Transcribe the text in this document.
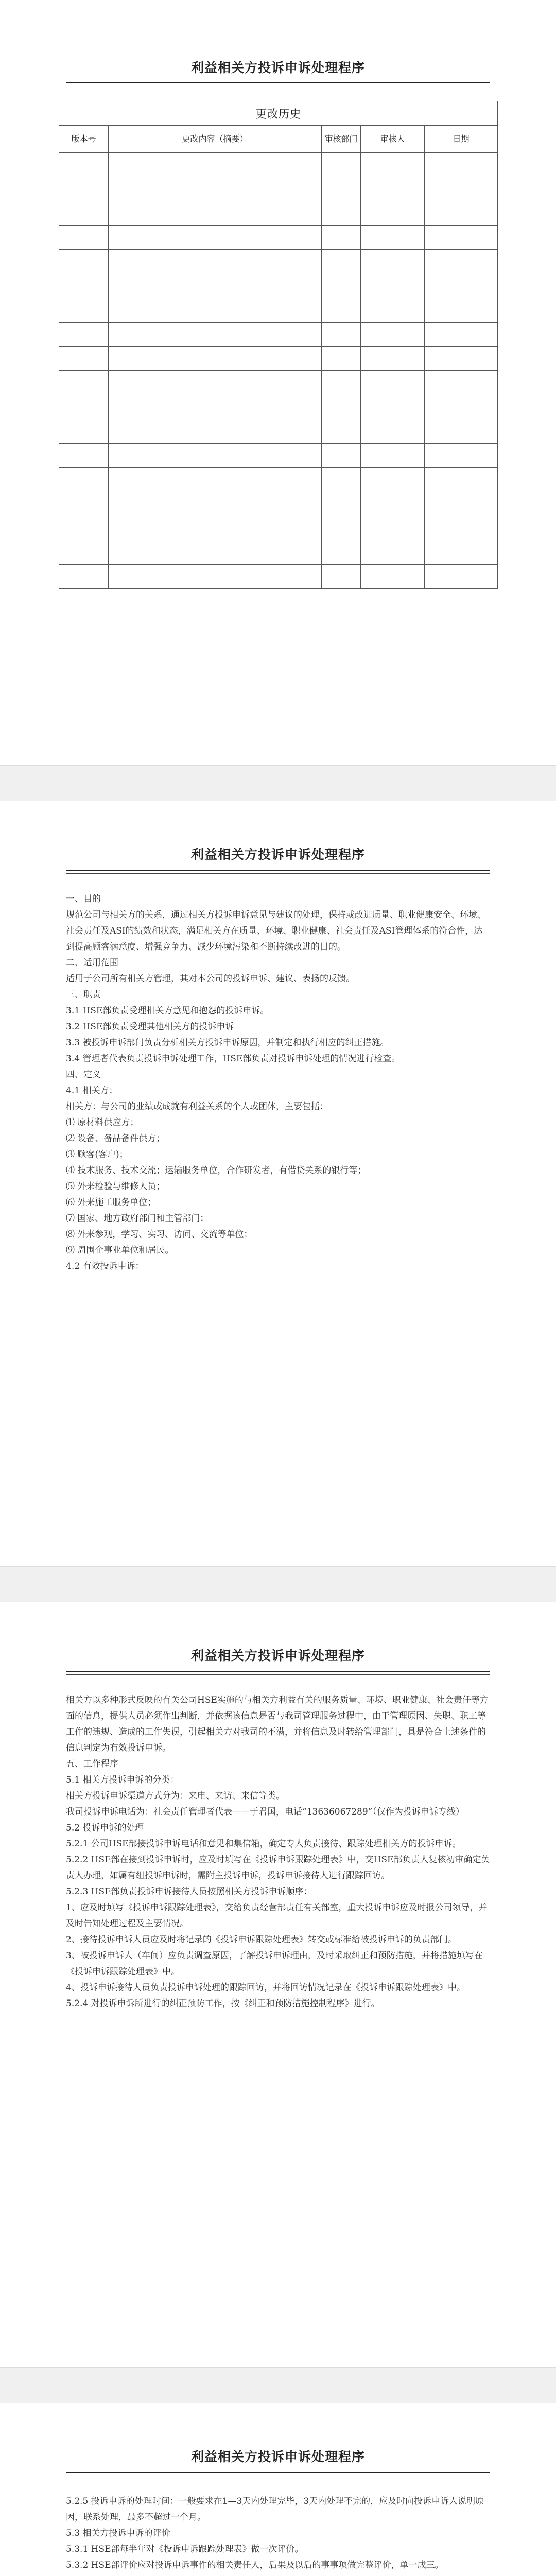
利益相关方投诉申诉处理程序
更改历史				
版本号	更改内容（摘要）	审核部门	审核人	日期

利益相关方投诉申诉处理程序

一、目的

规范公司与相关方的关系，通过相关方投诉申诉意见与建议的处理，保持或改进质量、职业健康安全、环境、社会责任及ASI的绩效和状态，满足相关方在质量、环境、职业健康、社会责任及ASI管理体系的符合性，达到提高顾客满意度、增强竞争力、减少环境污染和不断持续改进的目的。

二、适用范围

适用于公司所有相关方管理，其对本公司的投诉申诉、建议、表扬的反馈。

三、职责

3.1 HSE部负责受理相关方意见和抱怨的投诉申诉。

3.2 HSE部负责受理其他相关方的投诉申诉

3.3 被投诉申诉部门负责分析相关方投诉申诉原因，并制定和执行相应的纠正措施。

3.4 管理者代表负责投诉申诉处理工作，HSE部负责对投诉申诉处理的情况进行检查。

四、定义

4.1 相关方：

相关方：与公司的业绩或成就有利益关系的个人或团体，主要包括：

⑴ 原材料供应方；

⑵ 设备、备品备件供方；

⑶ 顾客(客户)；

⑷ 技术服务、技术交流；运输服务单位，合作研发者，有借贷关系的银行等；

⑸ 外来检验与维修人员；

⑹ 外来施工服务单位；

⑺ 国家、地方政府部门和主管部门；

⑻ 外来参观，学习、实习、访问、交流等单位；

⑼ 周围企事业单位和居民。

4.2 有效投诉申诉：

利益相关方投诉申诉处理程序

相关方以多种形式反映的有关公司HSE实施的与相关方利益有关的服务质量、环境、职业健康、社会责任等方面的信息，提供人员必须作出判断，并依据该信息是否与我司管理服务过程中，由于管理原因、失职、职工等工作的违规、造成的工作失误，引起相关方对我司的不满，并将信息及时转给管理部门，具是符合上述条件的信息判定为有效投诉申诉。

五、工作程序

5.1 相关方投诉申诉的分类：

相关方投诉申诉渠道方式分为：来电、来访、来信等类。

我司投诉申诉电话为：社会责任管理者代表——于君国，电话“13636067289”（仅作为投诉申诉专线）

5.2 投诉申诉的处理

5.2.1 公司HSE部接投诉申诉电话和意见和集信箱，确定专人负责接待、跟踪处理相关方的投诉申诉。

5.2.2 HSE部在接到投诉申诉时，应及时填写在《投诉申诉跟踪处理表》中，交HSE部负责人复核初审确定负责人办理，如属有组投诉申诉时，需附主投诉申诉，投诉申诉接待人进行跟踪回访。

5.2.3 HSE部负责投诉申诉接待人员按照相关方投诉申诉顺序：

1、应及时填写《投诉申诉跟踪处理表》，交给负责经营部责任有关部室，重大投诉申诉应及时报公司领导，并及时告知处理过程及主要情况。

2、接待投诉申诉人员应及时将记录的《投诉申诉跟踪处理表》转交或标准给被投诉申诉的负责部门。

3、被投诉申诉人（车间）应负责调查原因，了解投诉申诉理由，及时采取纠正和预防措施，并将措施填写在《投诉申诉跟踪处理表》中。

4、投诉申诉接待人员负责投诉申诉处理的跟踪回访，并将回访情况记录在《投诉申诉跟踪处理表》中。

5.2.4 对投诉申诉所进行的纠正预防工作，按《纠正和预防措施控制程序》进行。

利益相关方投诉申诉处理程序

5.2.5 投诉申诉的处理时间：一般要求在1—3天内处理完毕，3天内处理不完的，应及时向投诉申诉人说明原因，联系处理，最多不超过一个月。

5.3 相关方投诉申诉的评价

5.3.1 HSE部每半年对《投诉申诉跟踪处理表》做一次评价。

5.3.2 HSE部评价应对投诉申诉事件的相关责任人，后果及以后的事事项做完整评价，单一成三。
